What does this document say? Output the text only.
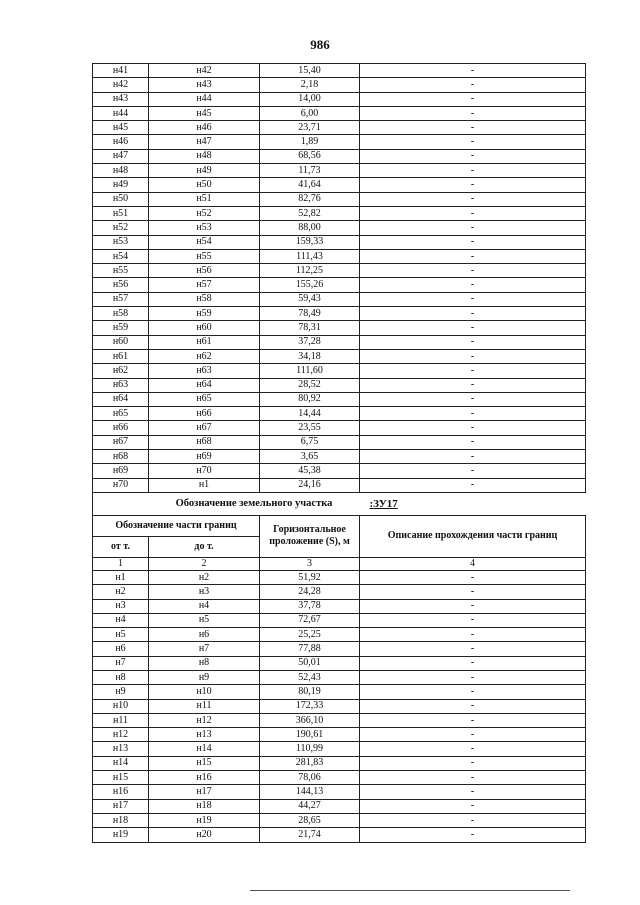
986
н41	н42	15,40	-
н42	н43	2,18	-
н43	н44	14,00	-
н44	н45	6,00	-
н45	н46	23,71	-
н46	н47	1,89	-
н47	н48	68,56	-
н48	н49	11,73	-
н49	н50	41,64	-
н50	н51	82,76	-
н51	н52	52,82	-
н52	н53	88,00	-
н53	н54	159,33	-
н54	н55	111,43	-
н55	н56	112,25	-
н56	н57	155,26	-
н57	н58	59,43	-
н58	н59	78,49	-
н59	н60	78,31	-
н60	н61	37,28	-
н61	н62	34,18	-
н62	н63	111,60	-
н63	н64	28,52	-
н64	н65	80,92	-
н65	н66	14,44	-
н66	н67	23,55	-
н67	н68	6,75	-
н68	н69	3,65	-
н69	н70	45,38	-
н70	н1	24,16	-
	Обозначение земельного участка		:ЗУ17
Обозначение части границ		Горизонтальное проложение (S), м	Описание прохождения части границ
от т.	до т.		
1	2	3	4
н1	н2	51,92	-
н2	н3	24,28	-
н3	н4	37,78	-
н4	н5	72,67	-
н5	н6	25,25	-
н6	н7	77,88	-
н7	н8	50,01	-
н8	н9	52,43	-
н9	н10	80,19	-
н10	н11	172,33	-
н11	н12	366,10	-
н12	н13	190,61	-
н13	н14	110,99	-
н14	н15	281,83	-
н15	н16	78,06	-
н16	н17	144,13	-
н17	н18	44,27	-
н18	н19	28,65	-
н19	н20	21,74	-
